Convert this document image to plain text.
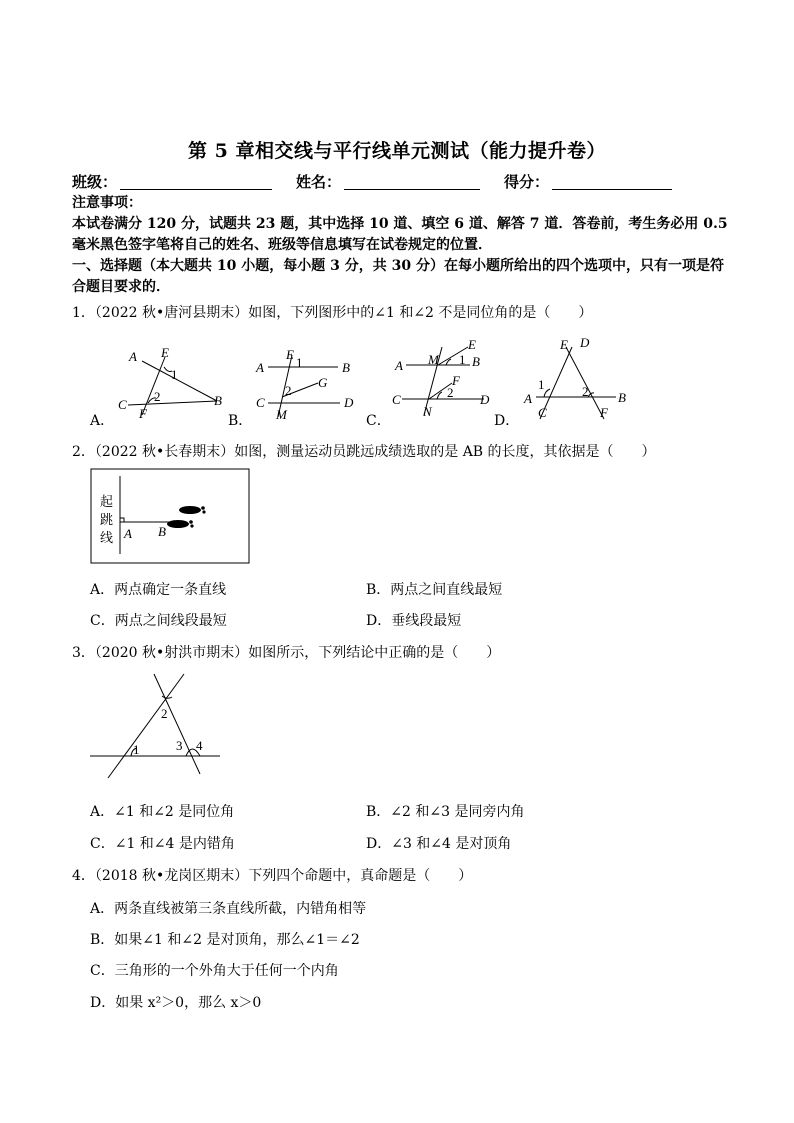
第 5 章相交线与平行线单元测试（能力提升卷）
班级：	姓名：	得分：
注意事项：
本试卷满分 120 分，试题共 23 题，其中选择 10 道、填空 6 道、解答 7 道．答卷前，考生务必用 0.5 毫米黑色签字笔将自己的姓名、班级等信息填写在试卷规定的位置．
一、选择题（本大题共 10 小题，每小题 3 分，共 30 分）在每小题所给出的四个选项中，只有一项是符合题目要求的．
1．（2022 秋•唐河县期末）如图，下列图形中的∠1 和∠2 不是同位角的是（　　）
A．	B．	C．	D．
A E
1
2
C
F
B
E
1
A	B
G
2
C
M
D
E
M 1 B
A
F
2
C
N
D
E D
1	2
A
C	F
B
2．（2022 秋•长春期末）如图，测量运动员跳远成绩选取的是 AB 的长度，其依据是（　　）
起
跳
线 A B
A．两点确定一条直线	B．两点之间直线最短
C．两点之间线段最短	D．垂线段最短
3．（2020 秋•射洪市期末）如图所示，下列结论中正确的是（　　）
2
1	3 4
A．∠1 和∠2 是同位角	B．∠2 和∠3 是同旁内角
C．∠1 和∠4 是内错角	D．∠3 和∠4 是对顶角
4．（2018 秋•龙岗区期末）下列四个命题中，真命题是（　　）
A．两条直线被第三条直线所截，内错角相等
B．如果∠1 和∠2 是对顶角，那么∠1＝∠2
C．三角形的一个外角大于任何一个内角
D．如果 x²＞0，那么 x＞0
